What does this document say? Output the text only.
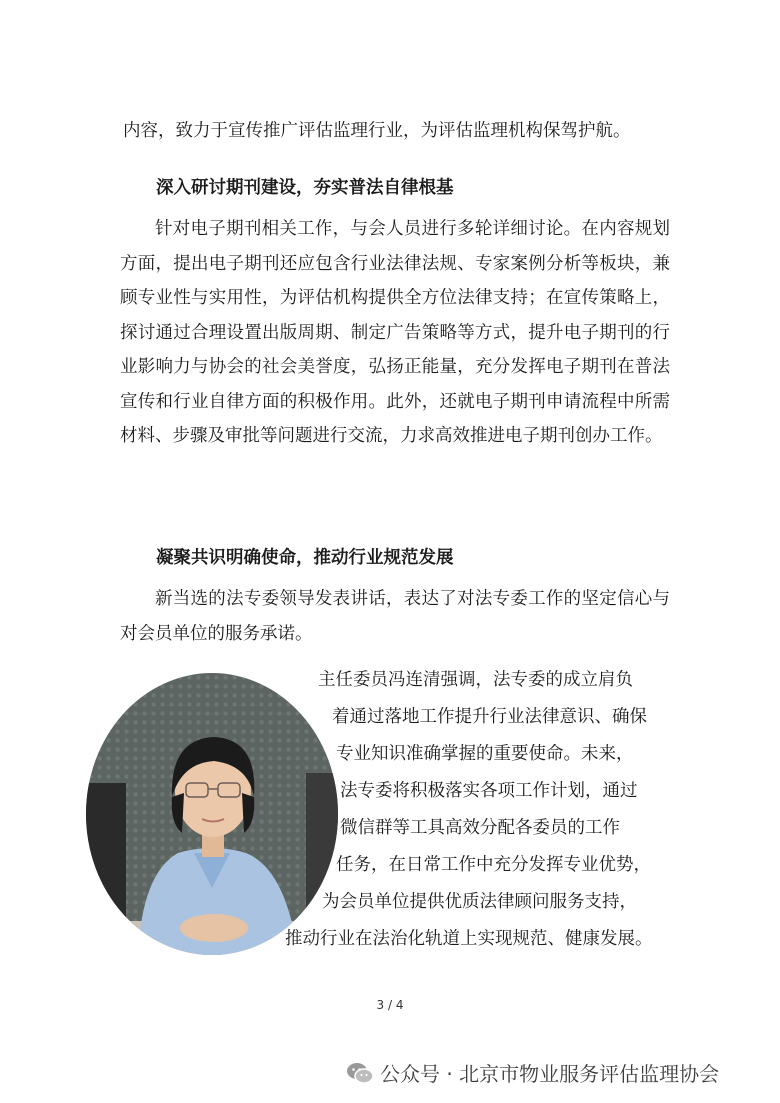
内容，致力于宣传推广评估监理行业，为评估监理机构保驾护航。

深入研讨期刊建设，夯实普法自律根基

针对电子期刊相关工作，与会人员进行多轮详细讨论。在内容规划方面，提出电子期刊还应包含行业法律法规、专家案例分析等板块，兼顾专业性与实用性，为评估机构提供全方位法律支持；在宣传策略上，探讨通过合理设置出版周期、制定广告策略等方式，提升电子期刊的行业影响力与协会的社会美誉度，弘扬正能量，充分发挥电子期刊在普法宣传和行业自律方面的积极作用。此外，还就电子期刊申请流程中所需材料、步骤及审批等问题进行交流，力求高效推进电子期刊创办工作。

凝聚共识明确使命，推动行业规范发展

新当选的法专委领导发表讲话，表达了对法专委工作的坚定信心与对会员单位的服务承诺。

主任委员冯连清强调，法专委的成立肩负

着通过落地工作提升行业法律意识、确保

专业知识准确掌握的重要使命。未来，

法专委将积极落实各项工作计划，通过

微信群等工具高效分配各委员的工作

任务，在日常工作中充分发挥专业优势，

为会员单位提供优质法律顾问服务支持，

推动行业在法治化轨道上实现规范、健康发展。

3 / 4
公众号 · 北京市物业服务评估监理协会
